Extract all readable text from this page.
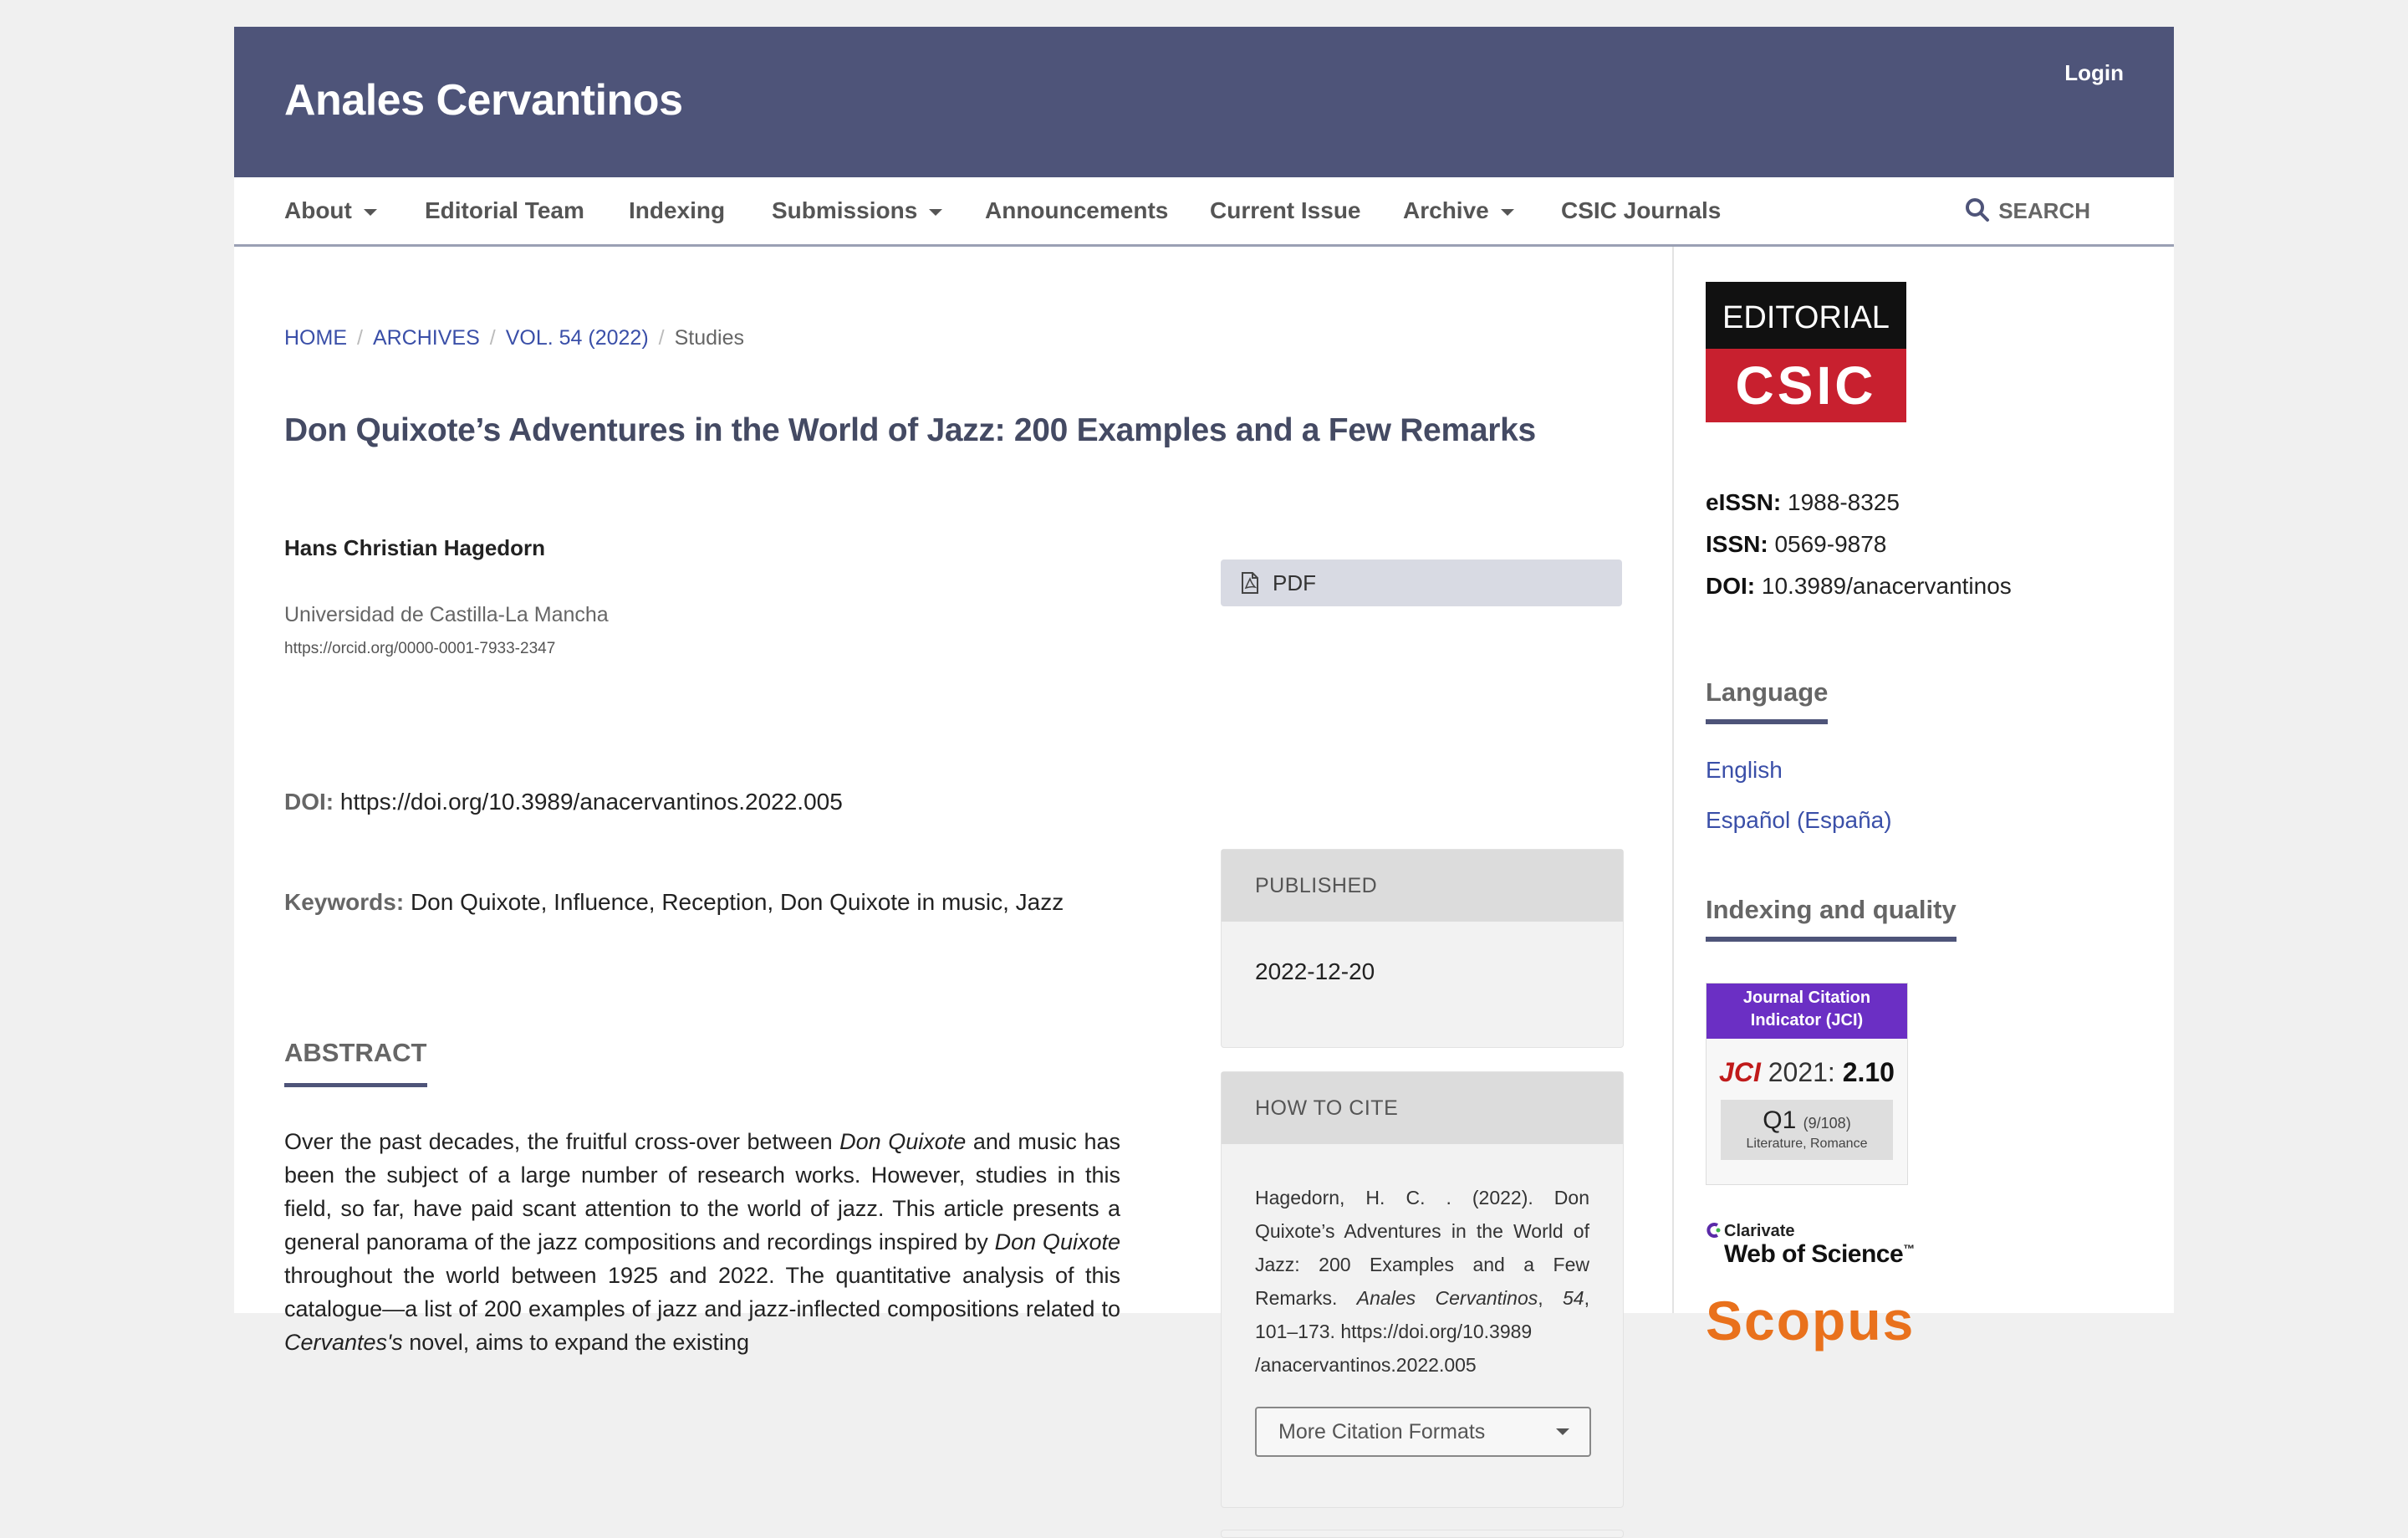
Anales Cervantinos
Login
About	Editorial Team Indexing Submissions	Announcements Current Issue Archive	CSIC Journals	SEARCH
HOME / ARCHIVES / VOL. 54 (2022) / Studies
Don Quixote’s Adventures in the World of Jazz: 200 Examples and a Few Remarks
Hans Christian Hagedorn
Universidad de Castilla-La Mancha
https://orcid.org/0000-0001-7933-2347
DOI: https://doi.org/10.3989/anacervantinos.2022.005
Keywords: Don Quixote, Influence, Reception, Don Quixote in music, Jazz
ABSTRACT
Over the past decades, the fruitful cross-over between Don Quixote and music has been the subject of a large number of research works. However, studies in this field, so far, have paid scant attention to the world of jazz. This article presents a general panorama of the jazz compositions and recordings inspired by Don Quixote throughout the world between 1925 and 2022. The quantitative analysis of this catalogue—a list of 200 examples of jazz and jazz-inflected compositions related to Cervantes's novel, aims to expand the existing
PDF
PUBLISHED
2022-12-20
HOW TO CITE
Hagedorn, H. C. . (2022). Don Quixote’s Adventures in the World of Jazz: 200 Examples and a Few Remarks. Anales Cervantinos, 54, 101–173. https://doi.org/10.3989
/anacervantinos.2022.005
More Citation Formats
EDITORIAL
CSIC
eISSN: 1988-8325
ISSN: 0569-9878
DOI: 10.3989/anacervantinos
Language
English
Español (España)
Indexing and quality
Journal Citation Indicator (JCI)
JCI 2021: 2.10
Q1 (9/108)
Literature, Romance
Clarivate
Web of Science™
Scopus
